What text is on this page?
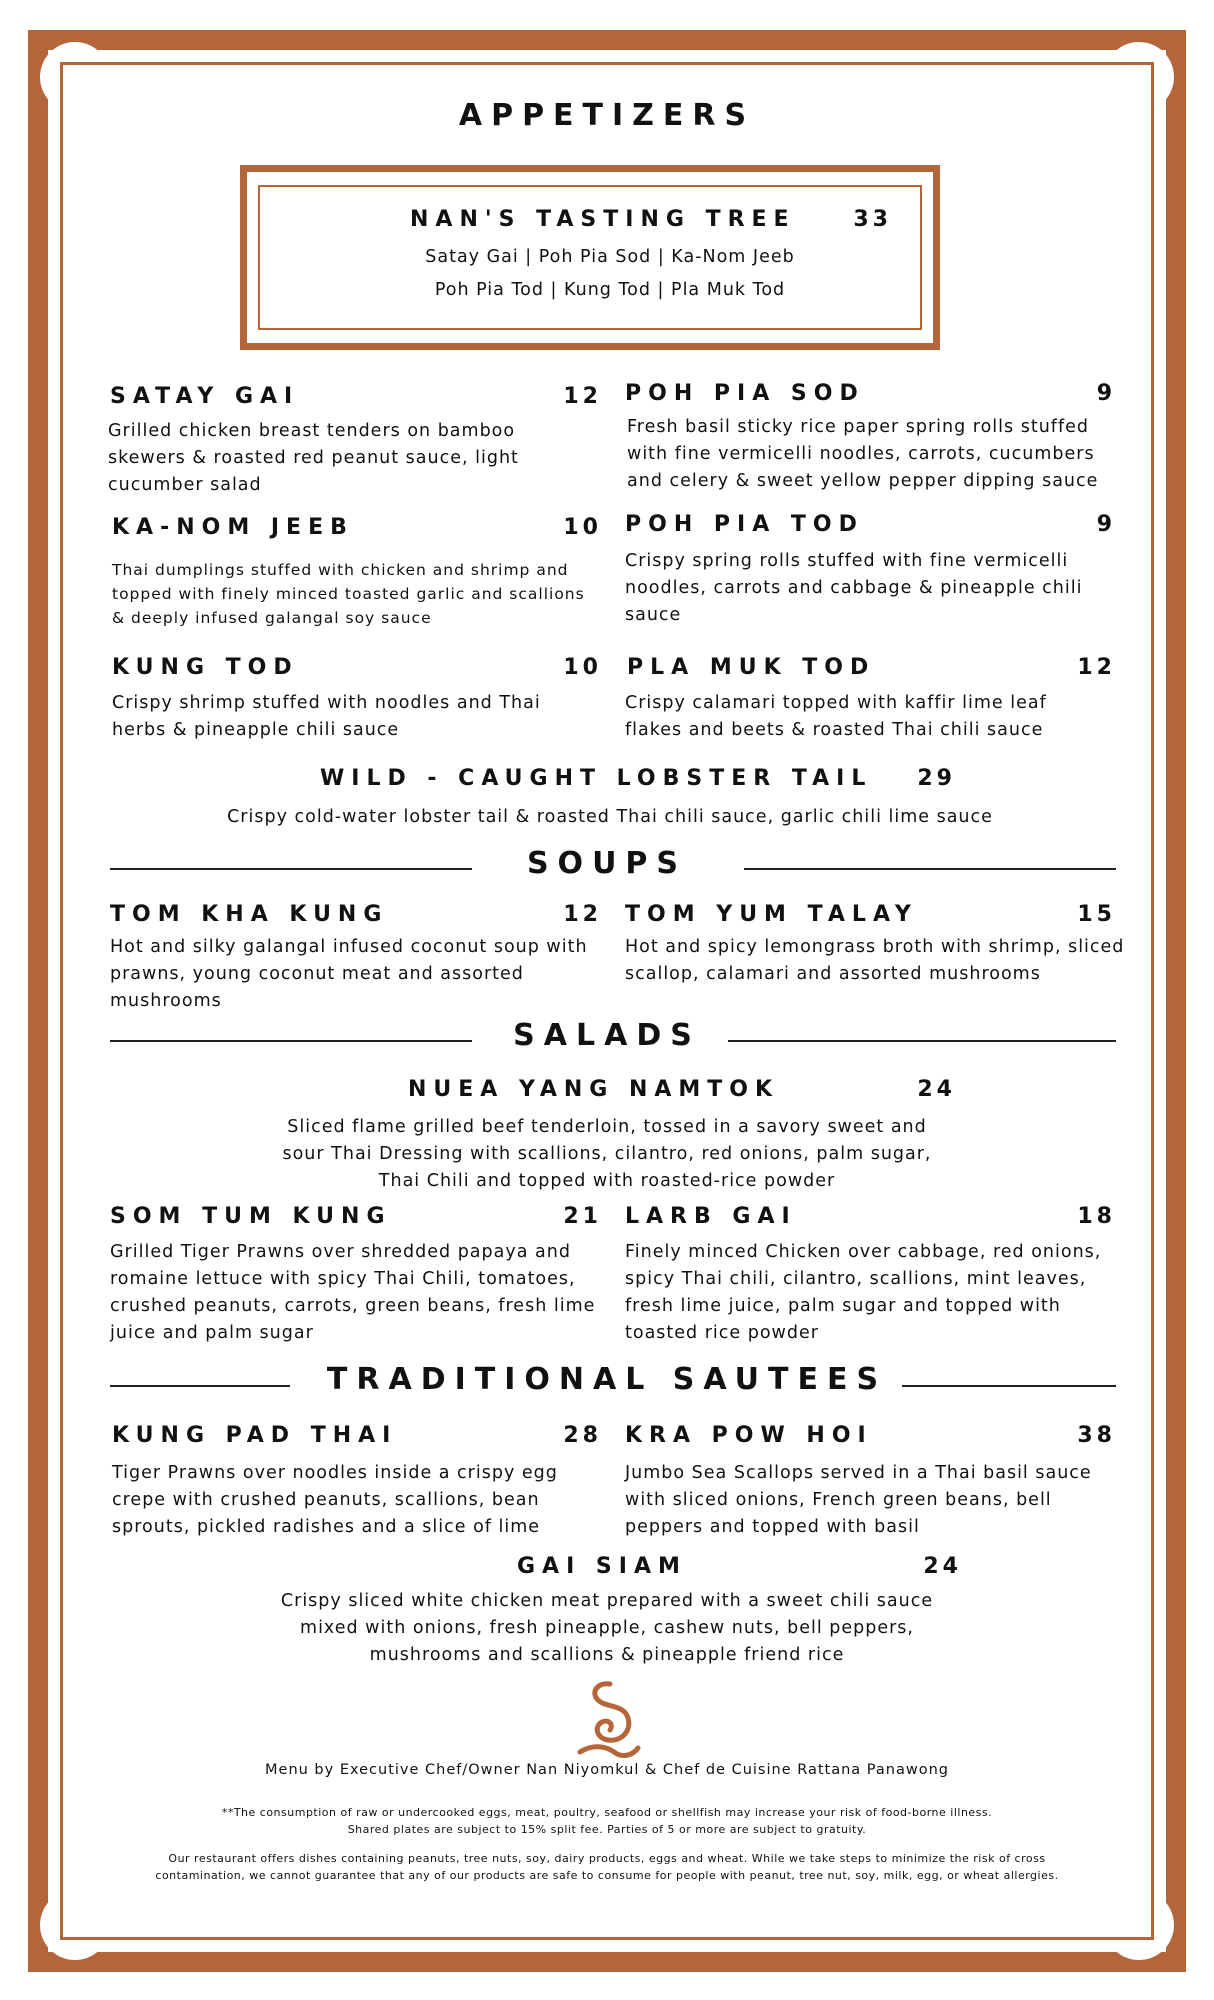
APPETIZERS
NAN'S TASTING TREE	33
Satay Gai | Poh Pia Sod | Ka-Nom Jeeb
Poh Pia Tod | Kung Tod | Pla Muk Tod
SATAY GAI	12
Grilled chicken breast tenders on bamboo skewers & roasted red peanut sauce, light cucumber salad
KA-NOM JEEB	10
Thai dumplings stuffed with chicken and shrimp and topped with finely minced toasted garlic and scallions & deeply infused galangal soy sauce
KUNG TOD	10
Crispy shrimp stuffed with noodles and Thai herbs & pineapple chili sauce
POH PIA SOD	9
Fresh basil sticky rice paper spring rolls stuffed with fine vermicelli noodles, carrots, cucumbers and celery & sweet yellow pepper dipping sauce
POH PIA TOD	9
Crispy spring rolls stuffed with fine vermicelli noodles, carrots and cabbage & pineapple chili sauce
PLA MUK TOD	12
Crispy calamari topped with kaffir lime leaf flakes and beets & roasted Thai chili sauce
WILD - CAUGHT LOBSTER TAIL	29
Crispy cold-water lobster tail & roasted Thai chili sauce, garlic chili lime sauce
SOUPS
TOM KHA KUNG	12
Hot and silky galangal infused coconut soup with prawns, young coconut meat and assorted mushrooms
TOM YUM TALAY	15
Hot and spicy lemongrass broth with shrimp, sliced scallop, calamari and assorted mushrooms
SALADS
NUEA YANG NAMTOK	24
Sliced flame grilled beef tenderloin, tossed in a savory sweet and
sour Thai Dressing with scallions, cilantro, red onions, palm sugar,
Thai Chili and topped with roasted-rice powder
SOM TUM KUNG	21
Grilled Tiger Prawns over shredded papaya and romaine lettuce with spicy Thai Chili, tomatoes, crushed peanuts, carrots, green beans, fresh lime juice and palm sugar
LARB GAI	18
Finely minced Chicken over cabbage, red onions, spicy Thai chili, cilantro, scallions, mint leaves, fresh lime juice, palm sugar and topped with toasted rice powder
TRADITIONAL SAUTEES
KUNG PAD THAI	28
Tiger Prawns over noodles inside a crispy egg crepe with crushed peanuts, scallions, bean sprouts, pickled radishes and a slice of lime
KRA POW HOI	38
Jumbo Sea Scallops served in a Thai basil sauce with sliced onions, French green beans, bell peppers and topped with basil
GAI SIAM	24
Crispy sliced white chicken meat prepared with a sweet chili sauce
mixed with onions, fresh pineapple, cashew nuts, bell peppers,
mushrooms and scallions & pineapple friend rice
Menu by Executive Chef/Owner Nan Niyomkul & Chef de Cuisine Rattana Panawong
**The consumption of raw or undercooked eggs, meat, poultry, seafood or shellfish may increase your risk of food-borne illness.
Shared plates are subject to 15% split fee. Parties of 5 or more are subject to gratuity.
Our restaurant offers dishes containing peanuts, tree nuts, soy, dairy products, eggs and wheat. While we take steps to minimize the risk of cross
contamination, we cannot guarantee that any of our products are safe to consume for people with peanut, tree nut, soy, milk, egg, or wheat allergies.
